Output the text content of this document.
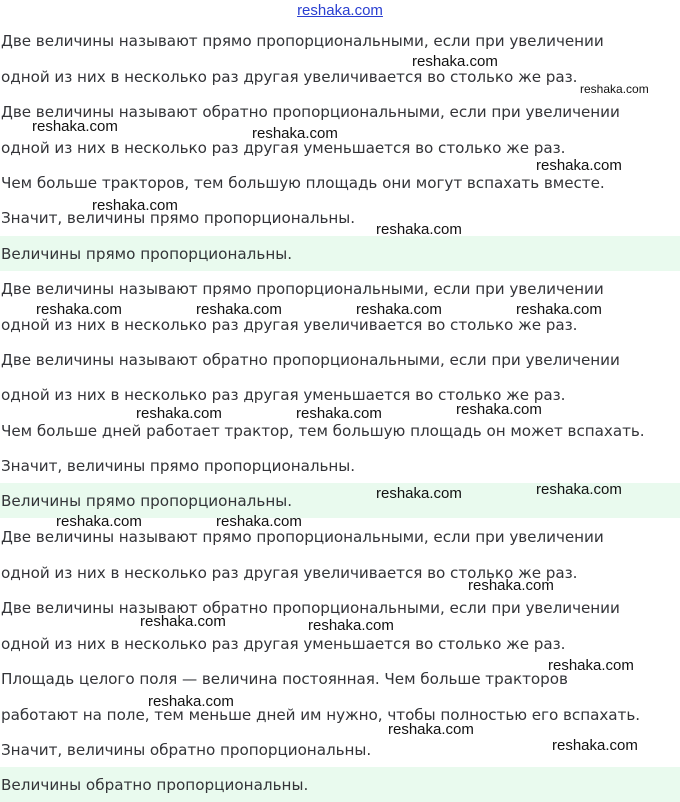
reshaka.com
Две величины называют прямо пропорциональными, если при увеличении
одной из них в несколько раз другая увеличивается во столько же раз.
Две величины называют обратно пропорциональными, если при увеличении
одной из них в несколько раз другая уменьшается во столько же раз.
Чем больше тракторов, тем большую площадь они могут вспахать вместе.
Значит, величины прямо пропорциональны.
Величины прямо пропорциональны.
Две величины называют прямо пропорциональными, если при увеличении
одной из них в несколько раз другая увеличивается во столько же раз.
Две величины называют обратно пропорциональными, если при увеличении
одной из них в несколько раз другая уменьшается во столько же раз.
Чем больше дней работает трактор, тем большую площадь он может вспахать.
Значит, величины прямо пропорциональны.
Величины прямо пропорциональны.
Две величины называют прямо пропорциональными, если при увеличении
одной из них в несколько раз другая увеличивается во столько же раз.
Две величины называют обратно пропорциональными, если при увеличении
одной из них в несколько раз другая уменьшается во столько же раз.
Площадь целого поля — величина постоянная. Чем больше тракторов
работают на поле, тем меньше дней им нужно, чтобы полностью его вспахать.
Значит, величины обратно пропорциональны.
Величины обратно пропорциональны.
reshaka.com
reshaka.com
reshaka.com	reshaka.com
reshaka.com
reshaka.com
reshaka.com
reshaka.com	reshaka.com	reshaka.com	reshaka.com
reshaka.com	reshaka.com	reshaka.com
reshaka.com	reshaka.com
reshaka.com	reshaka.com
reshaka.com
reshaka.com	reshaka.com
reshaka.com
reshaka.com
reshaka.com
reshaka.com
